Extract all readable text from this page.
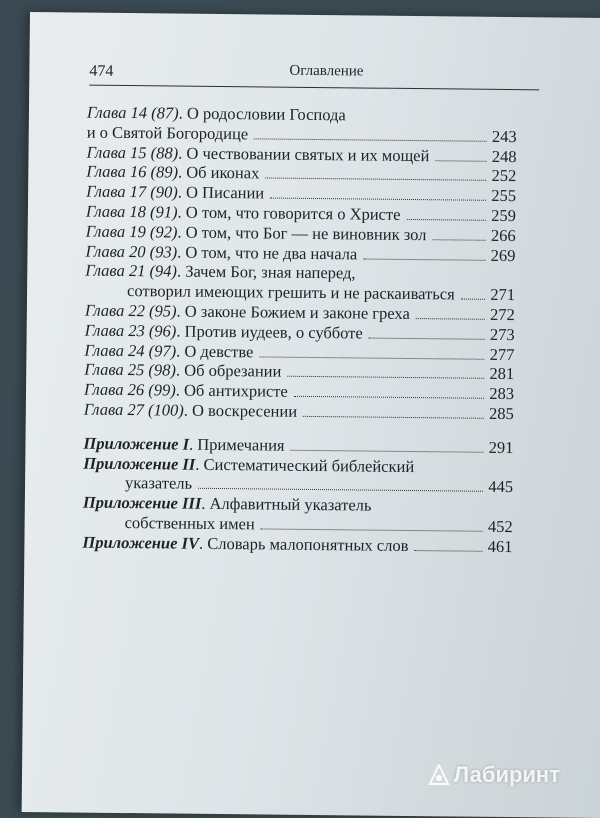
474	Оглавление
Глава 14 (87). О родословии Господа
и о Святой Богородице	243
Глава 15 (88). О чествовании святых и их мощей	248
Глава 16 (89). Об иконах	252
Глава 17 (90). О Писании	255
Глава 18 (91). О том, что говорится о Христе	259
Глава 19 (92). О том, что Бог — не виновник зол	266
Глава 20 (93). О том, что не два начала	269
Глава 21 (94). Зачем Бог, зная наперед,
сотворил имеющих грешить и не раскаиваться 271
Глава 22 (95). О законе Божием и законе греха	272
Глава 23 (96). Против иудеев, о субботе	273
Глава 24 (97). О девстве	277
Глава 25 (98). Об обрезании	281
Глава 26 (99). Об антихристе	283
Глава 27 (100). О воскресении	285
Приложение I. Примечания	291
Приложение II. Систематический библейский
указатель	445
Приложение III. Алфавитный указатель
собственных имен	452
Приложение IV. Словарь малопонятных слов	461
Лабиринт
